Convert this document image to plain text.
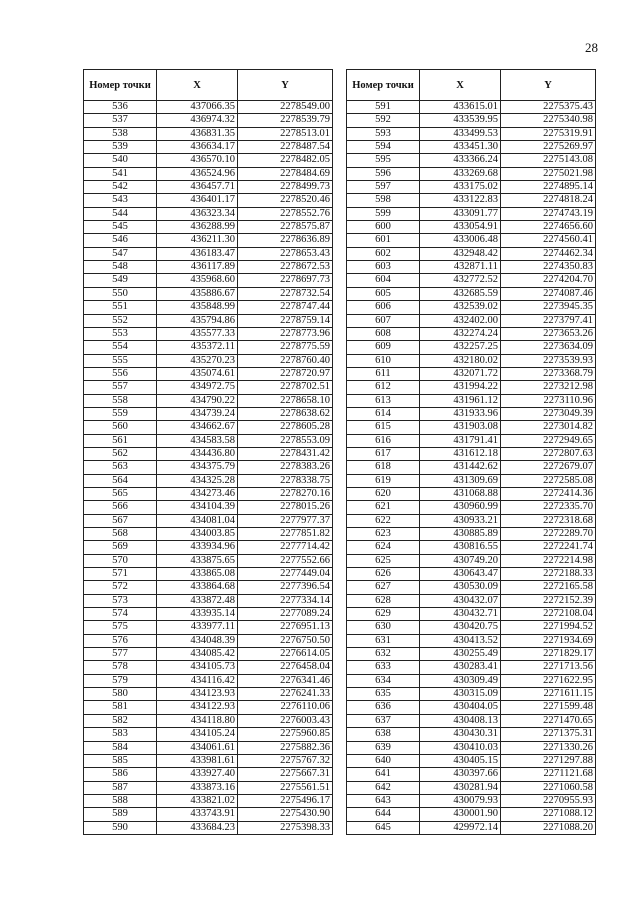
28
Номер точки	X	Y
536	437066.35	2278549.00
537	436974.32	2278539.79
538	436831.35	2278513.01
539	436634.17	2278487.54
540	436570.10	2278482.05
541	436524.96	2278484.69
542	436457.71	2278499.73
543	436401.17	2278520.46
544	436323.34	2278552.76
545	436288.99	2278575.87
546	436211.30	2278636.89
547	436183.47	2278653.43
548	436117.89	2278672.53
549	435968.60	2278697.73
550	435886.67	2278732.54
551	435848.99	2278747.44
552	435794.86	2278759.14
553	435577.33	2278773.96
554	435372.11	2278775.59
555	435270.23	2278760.40
556	435074.61	2278720.97
557	434972.75	2278702.51
558	434790.22	2278658.10
559	434739.24	2278638.62
560	434662.67	2278605.28
561	434583.58	2278553.09
562	434436.80	2278431.42
563	434375.79	2278383.26
564	434325.28	2278338.75
565	434273.46	2278270.16
566	434104.39	2278015.26
567	434081.04	2277977.37
568	434003.85	2277851.82
569	433934.96	2277714.42
570	433875.65	2277552.66
571	433865.08	2277449.04
572	433864.68	2277396.54
573	433872.48	2277334.14
574	433935.14	2277089.24
575	433977.11	2276951.13
576	434048.39	2276750.50
577	434085.42	2276614.05
578	434105.73	2276458.04
579	434116.42	2276341.46
580	434123.93	2276241.33
581	434122.93	2276110.06
582	434118.80	2276003.43
583	434105.24	2275960.85
584	434061.61	2275882.36
585	433981.61	2275767.32
586	433927.40	2275667.31
587	433873.16	2275561.51
588	433821.02	2275496.17
589	433743.91	2275430.90
590	433684.23	2275398.33
Номер точки	X	Y
591	433615.01	2275375.43
592	433539.95	2275340.98
593	433499.53	2275319.91
594	433451.30	2275269.97
595	433366.24	2275143.08
596	433269.68	2275021.98
597	433175.02	2274895.14
598	433122.83	2274818.24
599	433091.77	2274743.19
600	433054.91	2274656.60
601	433006.48	2274560.41
602	432948.42	2274462.34
603	432871.11	2274350.83
604	432772.52	2274204.70
605	432685.59	2274087.46
606	432539.02	2273945.35
607	432402.00	2273797.41
608	432274.24	2273653.26
609	432257.25	2273634.09
610	432180.02	2273539.93
611	432071.72	2273368.79
612	431994.22	2273212.98
613	431961.12	2273110.96
614	431933.96	2273049.39
615	431903.08	2273014.82
616	431791.41	2272949.65
617	431612.18	2272807.63
618	431442.62	2272679.07
619	431309.69	2272585.08
620	431068.88	2272414.36
621	430960.99	2272335.70
622	430933.21	2272318.68
623	430885.89	2272289.70
624	430816.55	2272241.74
625	430749.20	2272214.98
626	430643.47	2272188.33
627	430530.09	2272165.58
628	430432.07	2272152.39
629	430432.71	2272108.04
630	430420.75	2271994.52
631	430413.52	2271934.69
632	430255.49	2271829.17
633	430283.41	2271713.56
634	430309.49	2271622.95
635	430315.09	2271611.15
636	430404.05	2271599.48
637	430408.13	2271470.65
638	430430.31	2271375.31
639	430410.03	2271330.26
640	430405.15	2271297.88
641	430397.66	2271121.68
642	430281.94	2271060.58
643	430079.93	2270955.93
644	430001.90	2271088.12
645	429972.14	2271088.20
